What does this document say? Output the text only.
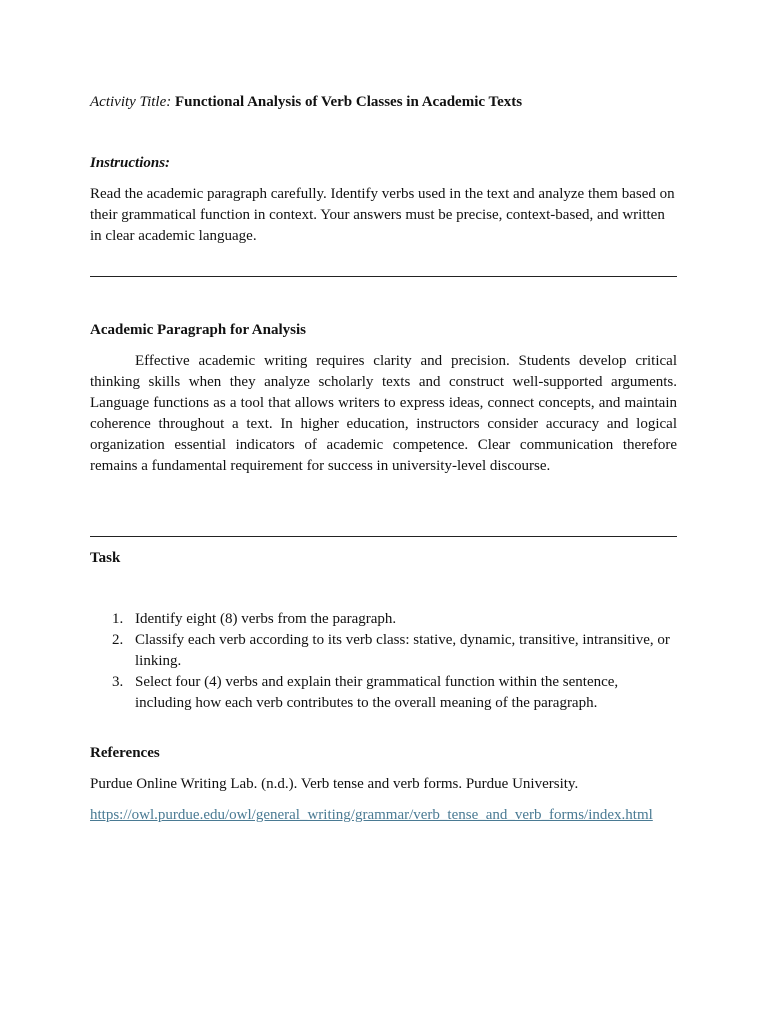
Activity Title: Functional Analysis of Verb Classes in Academic Texts
Instructions:

Read the academic paragraph carefully. Identify verbs used in the text and analyze them based on their grammatical function in context. Your answers must be precise, context-based, and written in clear academic language.

Academic Paragraph for Analysis

Effective academic writing requires clarity and precision. Students develop critical thinking skills when they analyze scholarly texts and construct well-supported arguments. Language functions as a tool that allows writers to express ideas, connect concepts, and maintain coherence throughout a text. In higher education, instructors consider accuracy and logical organization essential indicators of academic competence. Clear communication therefore remains a fundamental requirement for success in university-level discourse.

Task
1. Identify eight (8) verbs from the paragraph.
2. Classify each verb according to its verb class: stative, dynamic, transitive, intransitive, or linking.
3. Select four (4) verbs and explain their grammatical function within the sentence, including how each verb contributes to the overall meaning of the paragraph.
References

Purdue Online Writing Lab. (n.d.). Verb tense and verb forms. Purdue University.

https://owl.purdue.edu/owl/general_writing/grammar/verb_tense_and_verb_forms/index.html
